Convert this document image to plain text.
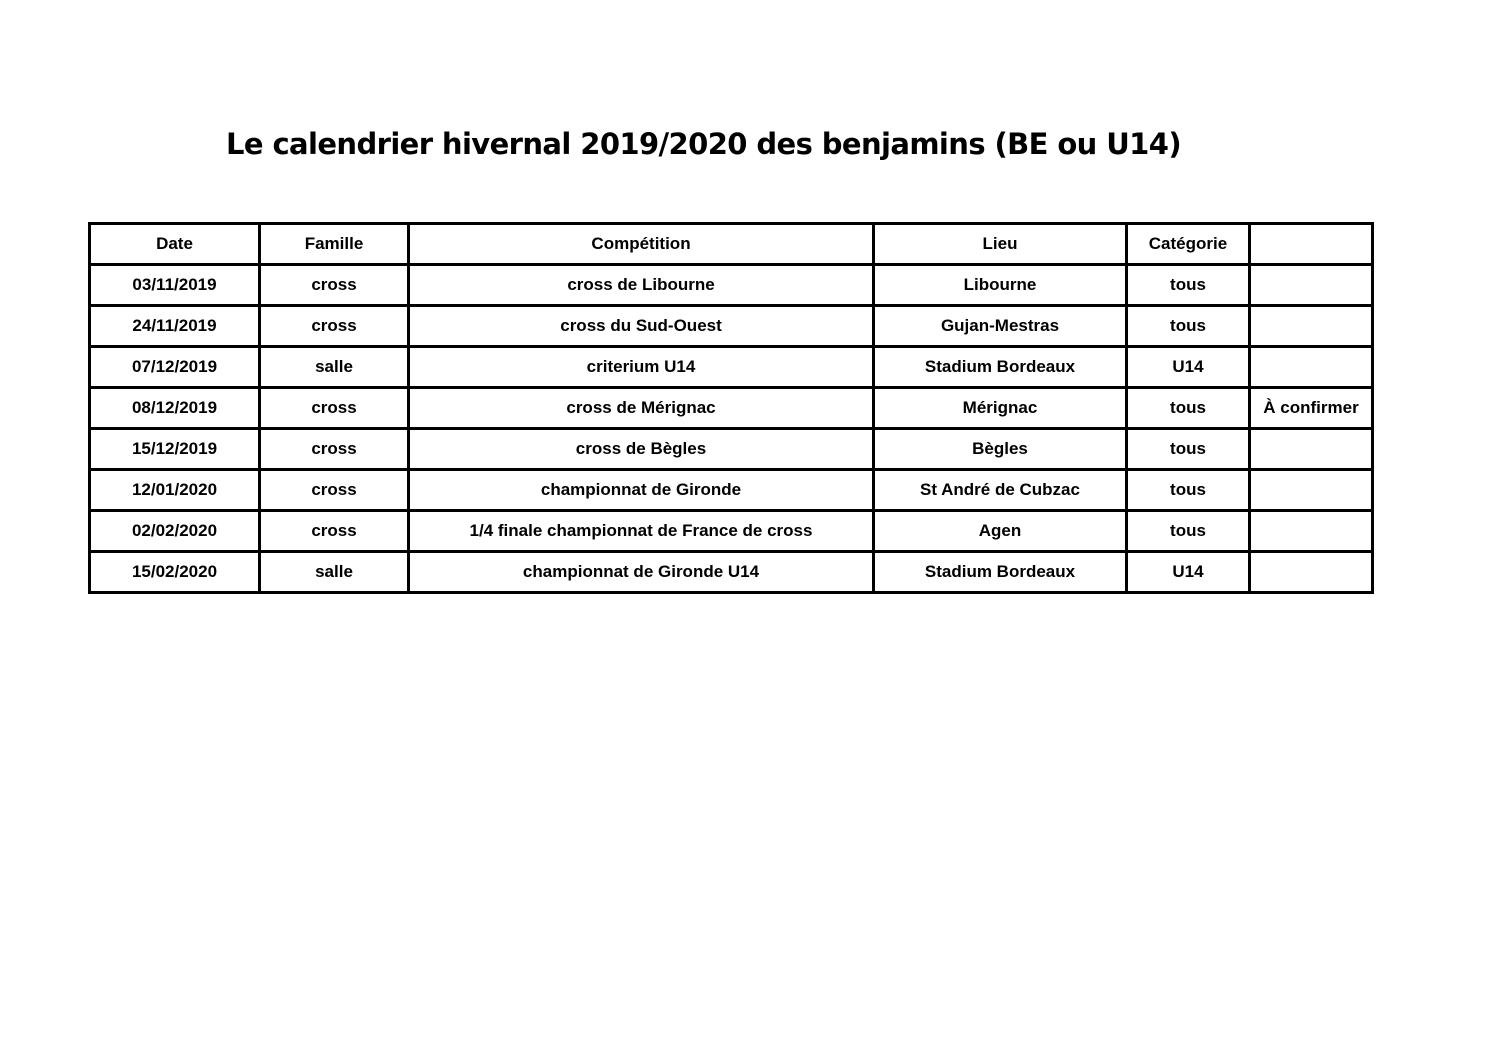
Le calendrier hivernal 2019/2020 des benjamins (BE ou U14)
Date	Famille	Compétition	Lieu	Catégorie	
03/11/2019	cross	cross de Libourne	Libourne	tous	
24/11/2019	cross	cross du Sud-Ouest	Gujan-Mestras	tous	
07/12/2019	salle	criterium U14	Stadium Bordeaux	U14	
08/12/2019	cross	cross de Mérignac	Mérignac	tous	À confirmer
15/12/2019	cross	cross de Bègles	Bègles	tous	
12/01/2020	cross	championnat de Gironde	St André de Cubzac	tous	
02/02/2020	cross	1/4 finale championnat de France de cross	Agen	tous	
15/02/2020	salle	championnat de Gironde U14	Stadium Bordeaux	U14	
